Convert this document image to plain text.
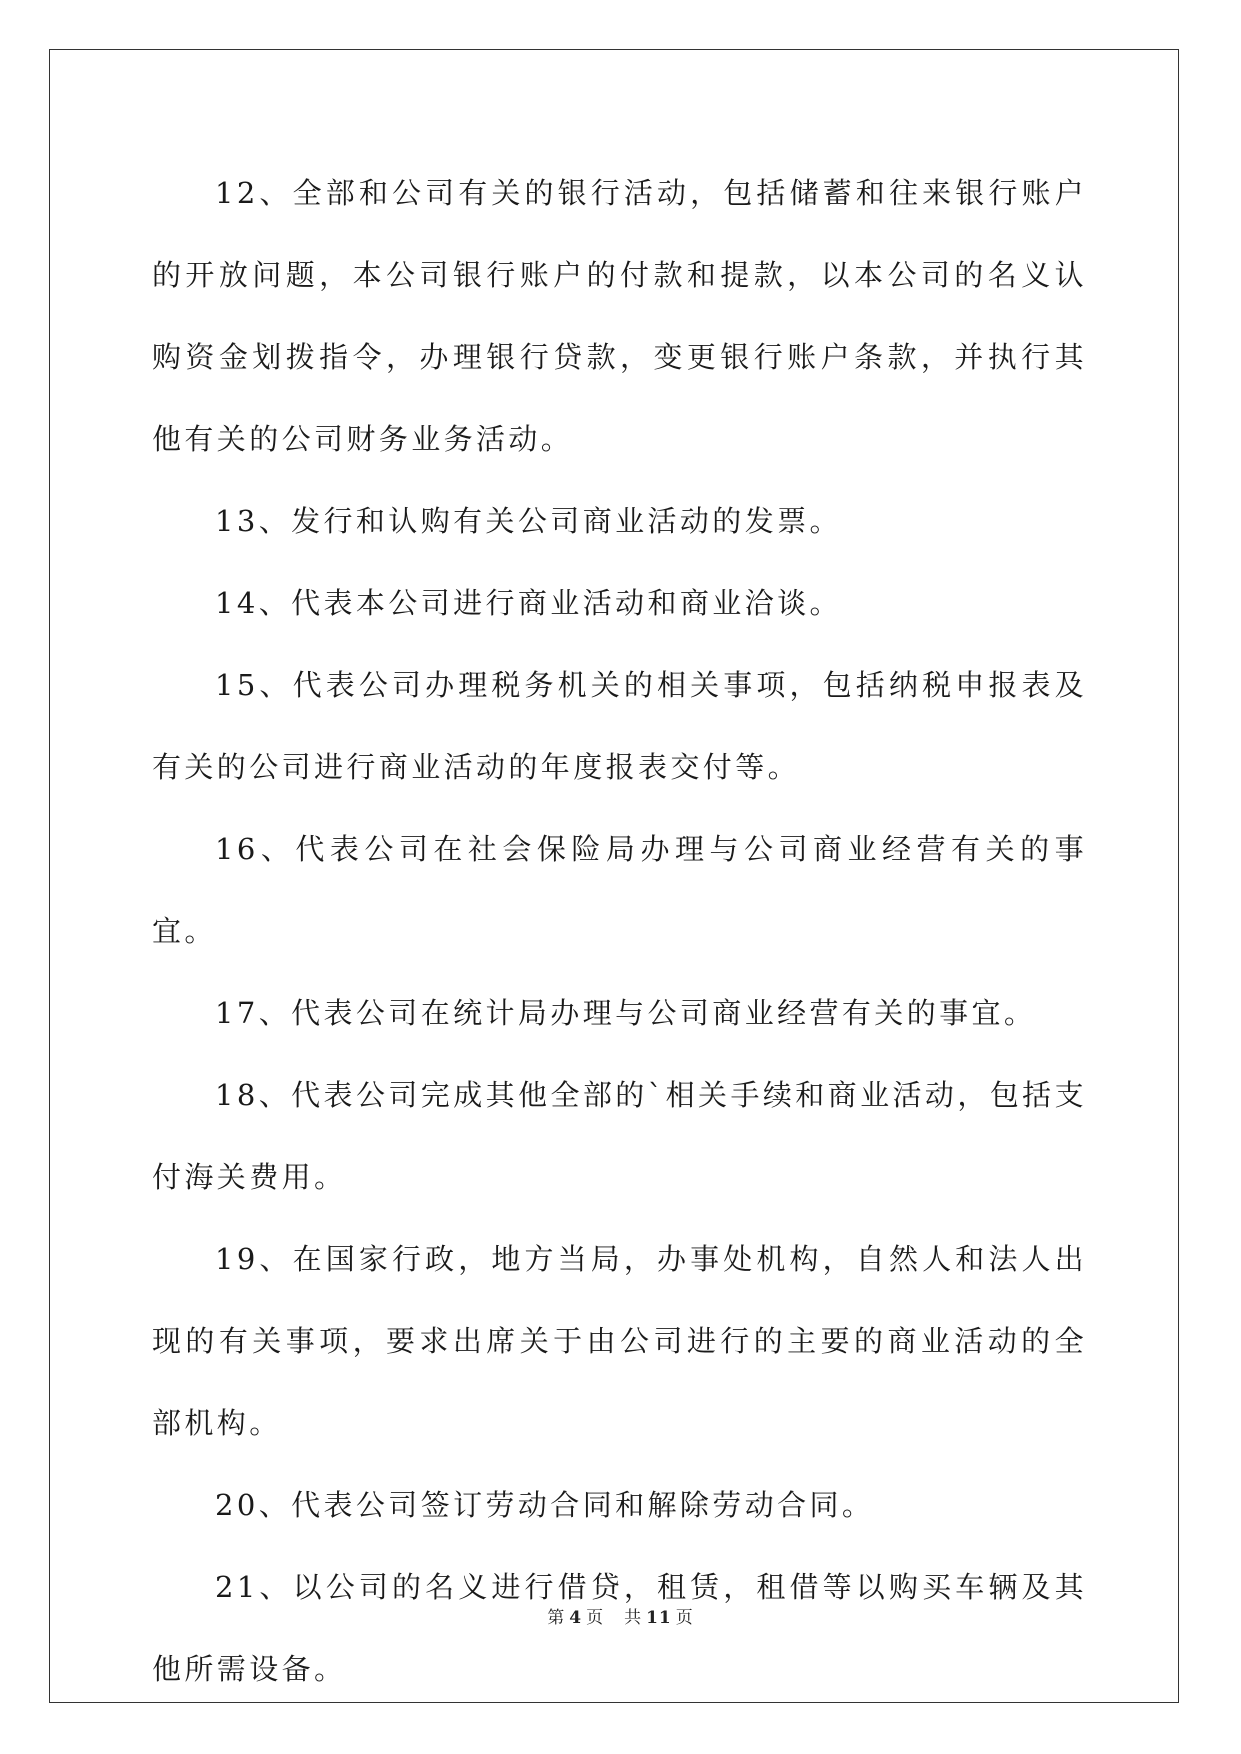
12、全部和公司有关的银行活动，包括储蓄和往来银行账户的开放问题，本公司银行账户的付款和提款，以本公司的名义认购资金划拨指令，办理银行贷款，变更银行账户条款，并执行其他有关的公司财务业务活动。

13、发行和认购有关公司商业活动的发票。

14、代表本公司进行商业活动和商业洽谈。

15、代表公司办理税务机关的相关事项，包括纳税申报表及有关的公司进行商业活动的年度报表交付等。

16、代表公司在社会保险局办理与公司商业经营有关的事宜。

17、代表公司在统计局办理与公司商业经营有关的事宜。

18、代表公司完成其他全部的`相关手续和商业活动，包括支付海关费用。

19、在国家行政，地方当局，办事处机构，自然人和法人出现的有关事项，要求出席关于由公司进行的主要的商业活动的全部机构。

20、代表公司签订劳动合同和解除劳动合同。

21、以公司的名义进行借贷，租赁，租借等以购买车辆及其他所需设备。

第 4 页 共 11 页
